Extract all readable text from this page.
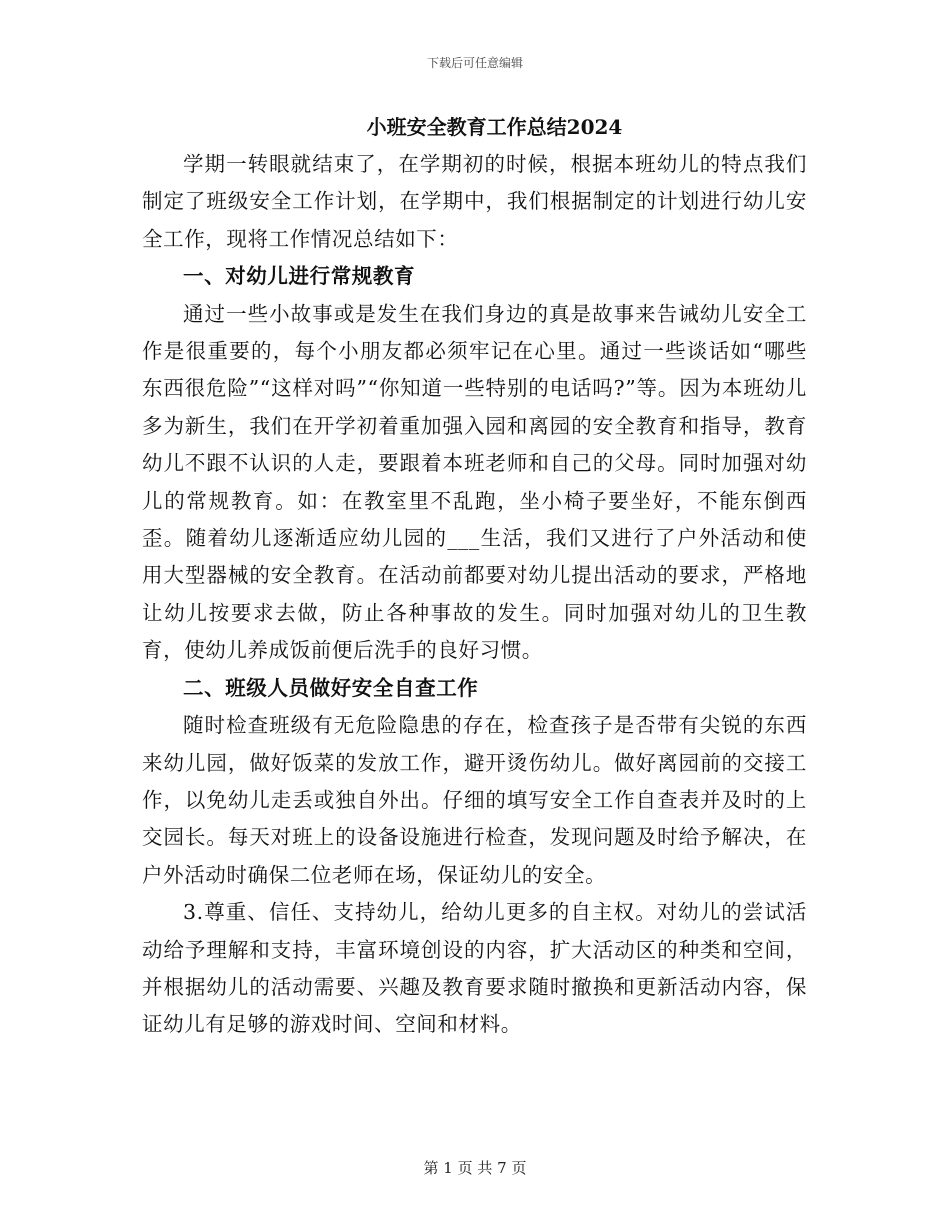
下载后可任意编辑
小班安全教育工作总结2024

学期一转眼就结束了，在学期初的时候，根据本班幼儿的特点我们制定了班级安全工作计划，在学期中，我们根据制定的计划进行幼儿安全工作，现将工作情况总结如下：

一、对幼儿进行常规教育

通过一些小故事或是发生在我们身边的真是故事来告诫幼儿安全工作是很重要的，每个小朋友都必须牢记在心里。通过一些谈话如“哪些东西很危险”“这样对吗”“你知道一些特别的电话吗?”等。因为本班幼儿多为新生，我们在开学初着重加强入园和离园的安全教育和指导，教育幼儿不跟不认识的人走，要跟着本班老师和自己的父母。同时加强对幼儿的常规教育。如：在教室里不乱跑，坐小椅子要坐好，不能东倒西歪。随着幼儿逐渐适应幼儿园的___生活，我们又进行了户外活动和使用大型器械的安全教育。在活动前都要对幼儿提出活动的要求，严格地让幼儿按要求去做，防止各种事故的发生。同时加强对幼儿的卫生教育，使幼儿养成饭前便后洗手的良好习惯。

二、班级人员做好安全自查工作

随时检查班级有无危险隐患的存在，检查孩子是否带有尖锐的东西来幼儿园，做好饭菜的发放工作，避开烫伤幼儿。做好离园前的交接工作，以免幼儿走丢或独自外出。仔细的填写安全工作自查表并及时的上交园长。每天对班上的设备设施进行检查，发现问题及时给予解决，在户外活动时确保二位老师在场，保证幼儿的安全。

3.尊重、信任、支持幼儿，给幼儿更多的自主权。对幼儿的尝试活动给予理解和支持，丰富环境创设的内容，扩大活动区的种类和空间，并根据幼儿的活动需要、兴趣及教育要求随时撤换和更新活动内容，保证幼儿有足够的游戏时间、空间和材料。

第 1 页 共 7 页
